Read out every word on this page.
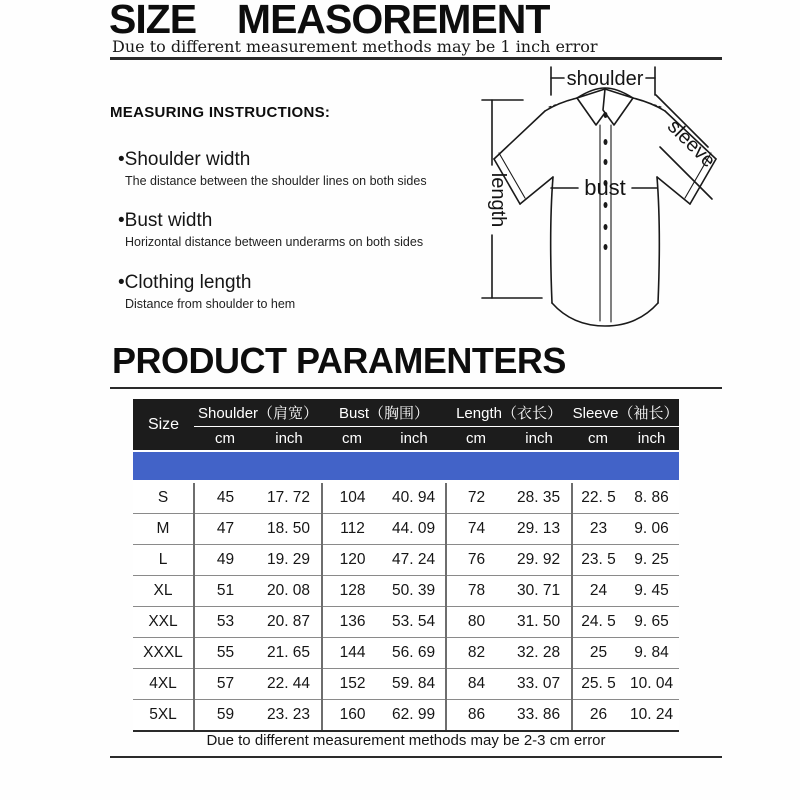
SIZE  MEASOREMENT
Due to different measurement methods may be 1 inch error
MEASURING INSTRUCTIONS:
•Shoulder width
The distance between the shoulder lines on both sides
•Bust width
Horizontal distance between underarms on both sides
•Clothing length
Distance from shoulder to hem
shoulder
length	bust
sleeve
PRODUCT PARAMENTERS
Size	Shoulder（肩宽）		Bust（胸围）		Length（衣长）		Sleeve（袖长）	
	cm	inch	cm	inch	cm	inch	cm	inch

S	45	17. 72	104	40. 94	72	28. 35	22. 5	8. 86
M	47	18. 50	112	44. 09	74	29. 13	23	9. 06
L	49	19. 29	120	47. 24	76	29. 92	23. 5	9. 25
XL	51	20. 08	128	50. 39	78	30. 71	24	9. 45
XXL	53	20. 87	136	53. 54	80	31. 50	24. 5	9. 65
XXXL	55	21. 65	144	56. 69	82	32. 28	25	9. 84
4XL	57	22. 44	152	59. 84	84	33. 07	25. 5	10. 04
5XL	59	23. 23	160	62. 99	86	33. 86	26	10. 24
Due to different measurement methods may be 2-3 cm error
